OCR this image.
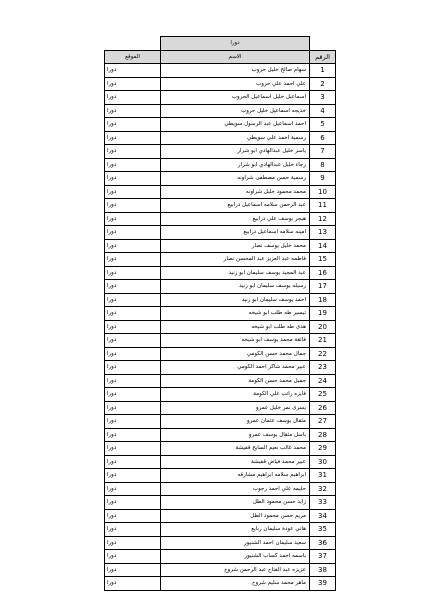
	دورا	
الموقع	الاسم	الرقم
دورا	سهام صالح خليل حروب	1
دورا	علي احمد علي حروب	2
دورا	اسماعيل خليل اسماعيل الحروب	3
دورا	خديجه اسماعيل خليل حروب	4
دورا	احمد اسماعيل عبد الرسول سويطي	5
دورا	رسمية احمد علي سويطي	6
دورا	ياسر خليل عبدالهادي ابو شرار	7
دورا	رجاء خليل عبدالهادي ابو شرار	8
دورا	رسمية حسن مصطفى شراونه	9
دورا	محمد محمود خليل شراونه	10
دورا	عبد الرحمن سلامه اسماعيل درابيع	11
دورا	هيجر يوسف علي درابيع	12
دورا	امينه سلامه اسماعيل درابيع	13
دورا	محمد خليل يوسف نصار	14
دورا	فاطمه عبد العزيز عبد المحسن نصار	15
دورا	عبد المجيد يوسف سليمان ابو زنيد	16
دورا	رسيله يوسف سليمان ابو زنيد	17
دورا	احمد يوسف سليمان ابو زنيد	18
دورا	تيسير طه طلب ابو شيخه	19
دورا	هدى طه طلب ابو شيخه	20
دورا	فائقة محمد يوسف ابو شيخه	21
دورا	جمال محمد حسن الكومي	22
دورا	عبير محمد شاكر احمد الكومي	23
دورا	جميل محمد حسن الكومة	24
دورا	فايزه راتب علي الكومة	25
دورا	يسرى نمر خليل عمرو	26
دورا	مثقال يوسف عثمان عمرو	27
دورا	باسل مثقال يوسف عمرو	28
دورا	محمد غالب نعيم السايح قفيشة	29
دورا	عبير محمد فياض قفيشة	30
دورا	ابراهيم سلامه ابراهيم مشارقه	31
دورا	حليمه علي احمد رجوب	32
دورا	زايد حسن محمود الطل	33
دورا	مريم حسن محمود الطل	34
دورا	هاني عودة سليمان ربايع	35
دورا	سعيد سليمان احمد الشنيور	36
دورا	باسمه احمد كساب الشنيور	37
دورا	عزيزه عبد الفتاح عبد الرحمن شروخ	38
دورا	ماهر محمد سليم شروخ	39
